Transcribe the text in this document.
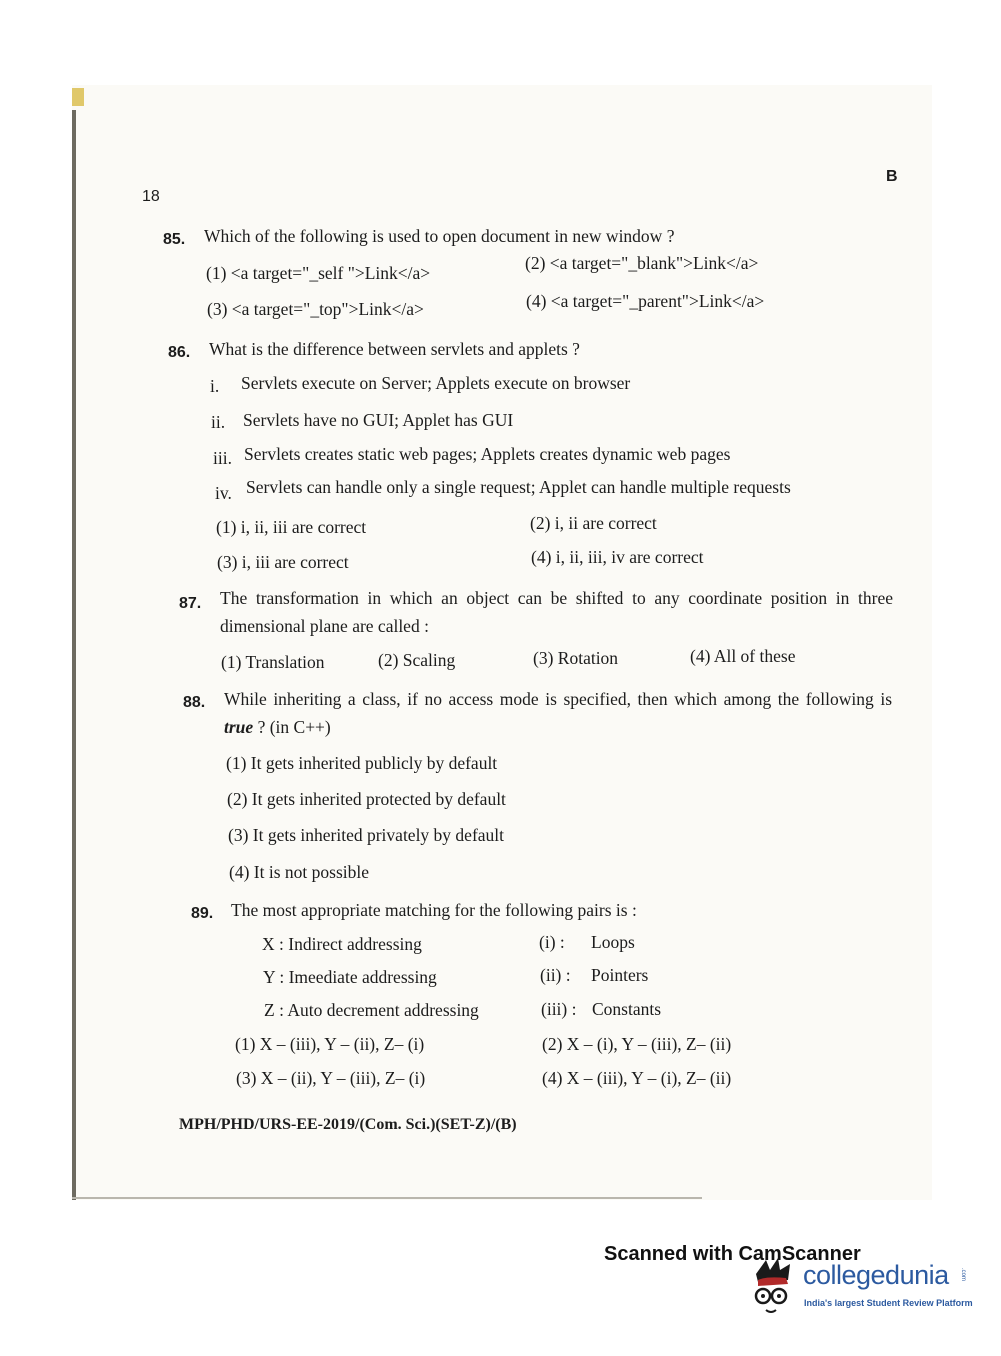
18
B
85. Which of the following is used to open document in new window ?
(1) <a target="_self ">Link</a>	(2) <a target="_blank">Link</a>
(3) <a target="_top">Link</a>	(4) <a target="_parent">Link</a>
86. What is the difference between servlets and applets ?
i. Servlets execute on Server; Applets execute on browser
ii. Servlets have no GUI; Applet has GUI
iii. Servlets creates static web pages; Applets creates dynamic web pages
iv. Servlets can handle only a single request; Applet can handle multiple requests
(1) i, ii, iii are correct	(2) i, ii are correct
(3) i, iii are correct	(4) i, ii, iii, iv are correct
87. The transformation in which an object can be shifted to any coordinate position in three dimensional plane are called :
(1) Translation	(2) Scaling	(3) Rotation	(4) All of these
88. While inheriting a class, if no access mode is specified, then which among the following is true ? (in C++)
(1) It gets inherited publicly by default
(2) It gets inherited protected by default
(3) It gets inherited privately by default
(4) It is not possible
89. The most appropriate matching for the following pairs is :
X : Indirect addressing	(i) : Loops
Y : Imeediate addressing	(ii) : Pointers
Z : Auto decrement addressing	(iii) : Constants
(1) X – (iii), Y – (ii), Z– (i)	(2) X – (i), Y – (iii), Z– (ii)
(3) X – (ii), Y – (iii), Z– (i)	(4) X – (iii), Y – (i), Z– (ii)
MPH/PHD/URS-EE-2019/(Com. Sci.)(SET-Z)/(B)
Scanned with CamScanner
collegedunia .com
India's largest Student Review Platform
